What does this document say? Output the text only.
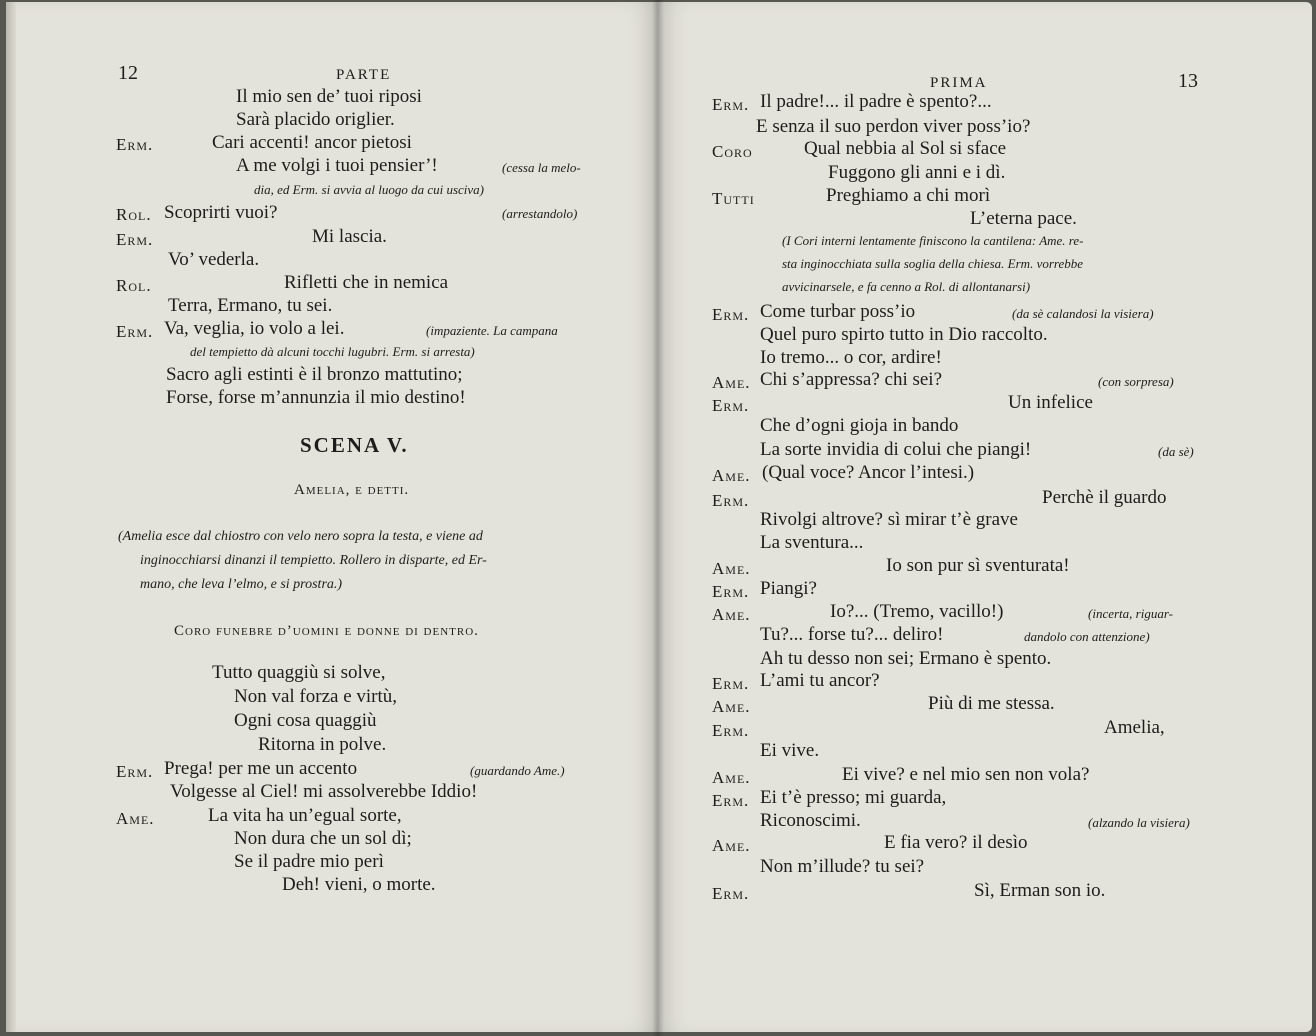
12	PARTE
Il mio sen de’ tuoi riposi
Sarà placido origlier.
Erm.	Cari accenti! ancor pietosi
A me volgi i tuoi pensier’!	(cessa la melo-
dia, ed Erm. si avvia al luogo da cui usciva)
Rol. Scoprirti vuoi?	(arrestandolo)
Erm.	Mi lascia.
Vo’ vederla.
Rol.	Rifletti che in nemica
Terra, Ermano, tu sei.
Erm. Va, veglia, io volo a lei.	(impaziente. La campana
del tempietto dà alcuni tocchi lugubri. Erm. si arresta)
Sacro agli estinti è il bronzo mattutino;
Forse, forse m’annunzia il mio destino!
SCENA V.
Amelia, e detti.
(Amelia esce dal chiostro con velo nero sopra la testa, e viene ad
inginocchiarsi dinanzi il tempietto. Rollero in disparte, ed Er-
mano, che leva l’elmo, e si prostra.)
Coro funebre d’uomini e donne di dentro.
Tutto quaggiù si solve,
Non val forza e virtù,
Ogni cosa quaggiù
Ritorna in polve.
Erm. Prega! per me un accento	(guardando Ame.)
Volgesse al Ciel! mi assolverebbe Iddio!
Ame.	La vita ha un’egual sorte,
Non dura che un sol dì;
Se il padre mio perì
Deh! vieni, o morte.
PRIMA	13
Erm. Il padre!... il padre è spento?...
E senza il suo perdon viver poss’io?
Coro	Qual nebbia al Sol si sface
Fuggono gli anni e i dì.
Tutti	Preghiamo a chi morì
L’eterna pace.
(I Cori interni lentamente finiscono la cantilena: Ame. re-
sta inginocchiata sulla soglia della chiesa. Erm. vorrebbe
avvicinarsele, e fa cenno a Rol. di allontanarsi)
Erm. Come turbar poss’io	(da sè calandosi la visiera)
Quel puro spirto tutto in Dio raccolto.
Io tremo... o cor, ardire!
Ame. Chi s’appressa? chi sei?	(con sorpresa)
Erm.	Un infelice
Che d’ogni gioja in bando
La sorte invidia di colui che piangi!	(da sè)
Ame. (Qual voce? Ancor l’intesi.)
Erm.	Perchè il guardo
Rivolgi altrove? sì mirar t’è grave
La sventura...
Ame.	Io son pur sì sventurata!
Erm. Piangi?
Ame.	Io?... (Tremo, vacillo!)	(incerta, riguar-
Tu?... forse tu?... deliro!	dandolo con attenzione)
Ah tu desso non sei; Ermano è spento.
Erm. L’ami tu ancor?
Ame.	Più di me stessa.
Erm.	Amelia,
Ei vive.
Ame.	Ei vive? e nel mio sen non vola?
Erm. Ei t’è presso; mi guarda,
Riconoscimi.	(alzando la visiera)
Ame.	E fia vero? il desìo
Non m’illude? tu sei?
Erm.	Sì, Erman son io.
